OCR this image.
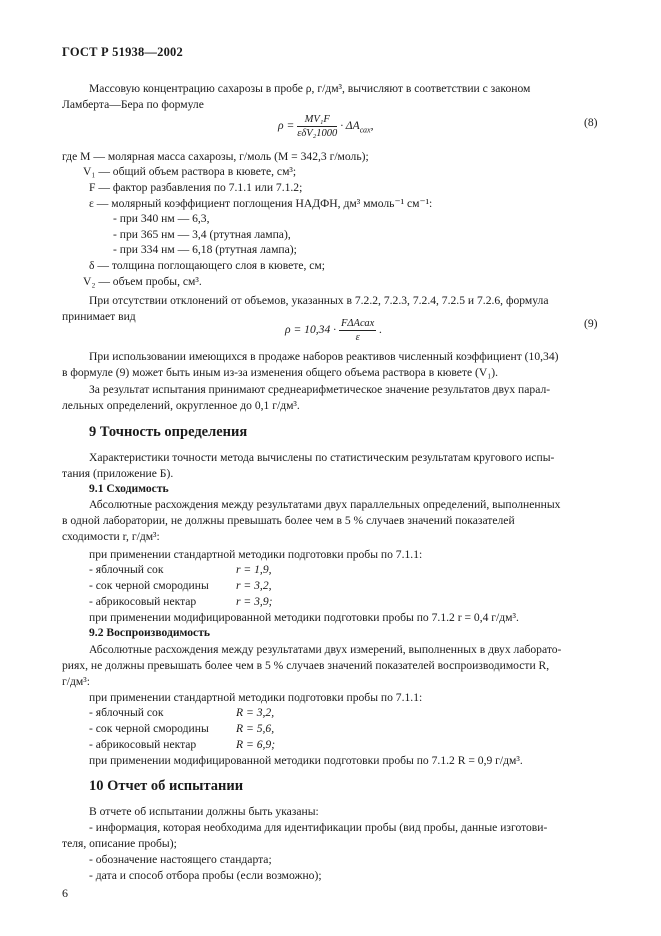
ГОСТ Р 51938—2002
Массовую концентрацию сахарозы в пробе ρ, г/дм³, вычисляют в соответствии с законом
Ламберта—Бера по формуле
$\rho = \frac{\text{MV₁F}}{\text{εδV₂1000}} \cdot \Delta A_{сах}$,	(8)
где M — молярная масса сахарозы, г/моль (M = 342,3 г/моль);
V₁ — общий объем раствора в кювете, см³;
F — фактор разбавления по 7.1.1 или 7.1.2;
ε — молярный коэффициент поглощения НАДФН, дм³ ммоль⁻¹ см⁻¹:
- при 340 нм — 6,3,
- при 365 нм — 3,4 (ртутная лампа),
- при 334 нм — 6,18 (ртутная лампа);
δ — толщина поглощающего слоя в кювете, см;
V₂ — объем пробы, см³.
При отсутствии отклонений от объемов, указанных в 7.2.2, 7.2.3, 7.2.4, 7.2.5 и 7.2.6, формула
принимает вид
$\rho = 10,34 \cdot \frac{\text{FΔAсах}}{\varepsilon}$ .	(9)
При использовании имеющихся в продаже наборов реактивов численный коэффициент (10,34)
в формуле (9) может быть иным из-за изменения общего объема раствора в кювете (V₁).
За результат испытания принимают среднеарифметическое значение результатов двух парал-
лельных определений, округленное до 0,1 г/дм³.
9 Точность определения
Характеристики точности метода вычислены по статистическим результатам кругового испы-
тания (приложение Б).
9.1 Сходимость
Абсолютные расхождения между результатами двух параллельных определений, выполненных
в одной лаборатории, не должны превышать более чем в 5 % случаев значений показателей
сходимости r, г/дм³:
при применении стандартной методики подготовки пробы по 7.1.1:
- яблочный сок	r = 1,9,
- сок черной смородины r = 3,2,
- абрикосовый нектар	r = 3,9;
при применении модифицированной методики подготовки пробы по 7.1.2 r = 0,4 г/дм³.
9.2 Воспроизводимость
Абсолютные расхождения между результатами двух измерений, выполненных в двух лаборато-
риях, не должны превышать более чем в 5 % случаев значений показателей воспроизводимости R,
г/дм³:
при применении стандартной методики подготовки пробы по 7.1.1:
- яблочный сок	R = 3,2,
- сок черной смородины R = 5,6,
- абрикосовый нектар	R = 6,9;
при применении модифицированной методики подготовки пробы по 7.1.2 R = 0,9 г/дм³.
10 Отчет об испытании
В отчете об испытании должны быть указаны:
- информация, которая необходима для идентификации пробы (вид пробы, данные изготови-
теля, описание пробы);
- обозначение настоящего стандарта;
- дата и способ отбора пробы (если возможно);
6
